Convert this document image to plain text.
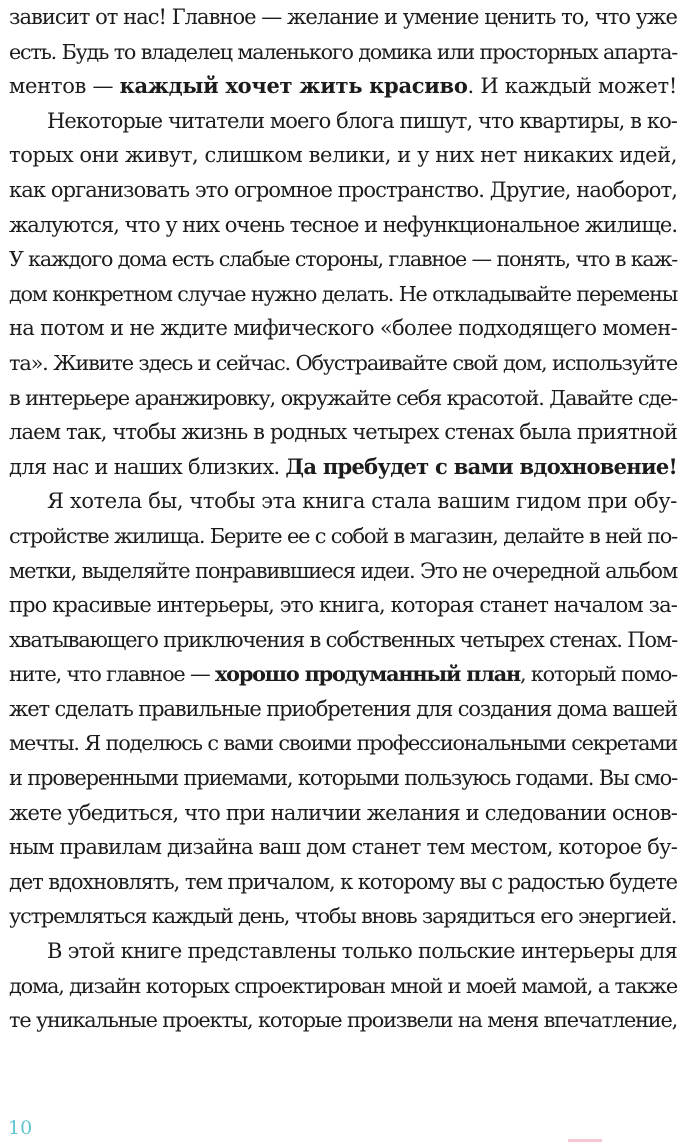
зависит от нас! Главное — желание и умение ценить то, что уже
есть. Будь то владелец маленького домика или просторных апарта-
ментов — каждый хочет жить красиво. И каждый может!
Некоторые читатели моего блога пишут, что квартиры, в ко-
торых они живут, слишком велики, и у них нет никаких идей,
как организовать это огромное пространство. Другие, наоборот,
жалуются, что у них очень тесное и нефункциональное жилище.
У каждого дома есть слабые стороны, главное — понять, что в каж-
дом конкретном случае нужно делать. Не откладывайте перемены
на потом и не ждите мифического «более подходящего момен-
та». Живите здесь и сейчас. Обустраивайте свой дом, используйте
в интерьере аранжировку, окружайте себя красотой. Давайте сде-
лаем так, чтобы жизнь в родных четырех стенах была приятной
для нас и наших близких. Да пребудет с вами вдохновение!
Я хотела бы, чтобы эта книга стала вашим гидом при обу-
стройстве жилища. Берите ее с собой в магазин, делайте в ней по-
метки, выделяйте понравившиеся идеи. Это не очередной альбом
про красивые интерьеры, это книга, которая станет началом за-
хватывающего приключения в собственных четырех стенах. Пом-
ните, что главное — хорошо продуманный план, который помо-
жет сделать правильные приобретения для создания дома вашей
мечты. Я поделюсь с вами своими профессиональными секретами
и проверенными приемами, которыми пользуюсь годами. Вы смо-
жете убедиться, что при наличии желания и следовании основ-
ным правилам дизайна ваш дом станет тем местом, которое бу-
дет вдохновлять, тем причалом, к которому вы с радостью будете
устремляться каждый день, чтобы вновь зарядиться его энергией.
В этой книге представлены только польские интерьеры для
дома, дизайн которых спроектирован мной и моей мамой, а также
те уникальные проекты, которые произвели на меня впечатление,
10
